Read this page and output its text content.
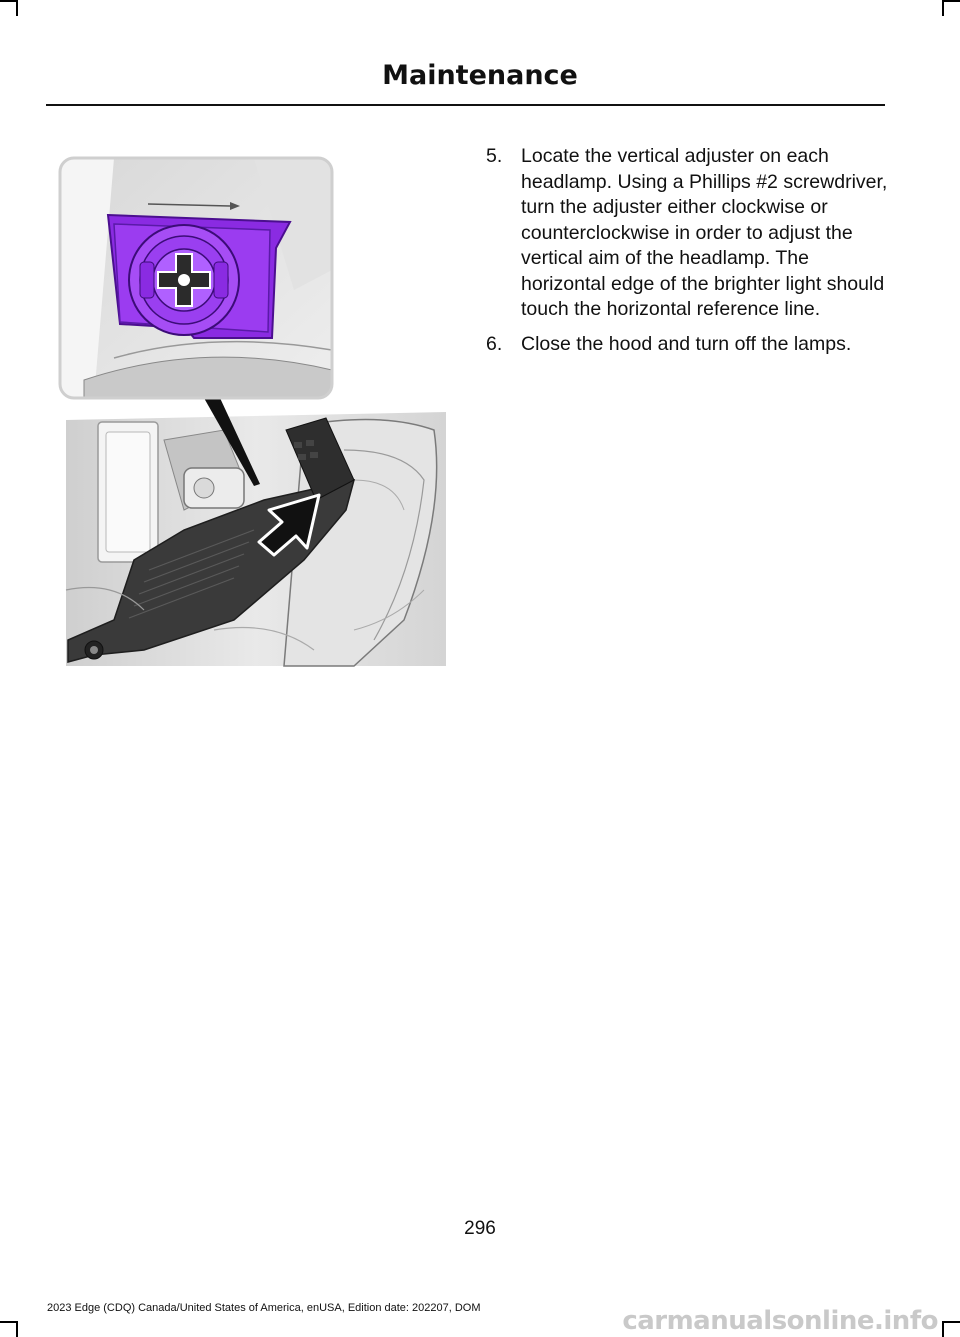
Maintenance
5. Locate the vertical adjuster on each headlamp. Using a Phillips #2 screwdriver, turn the adjuster either clockwise or counterclockwise in order to adjust the vertical aim of the headlamp. The horizontal edge of the brighter light should touch the horizontal reference line.
6. Close the hood and turn off the lamps.
296
2023 Edge (CDQ) Canada/United States of America, enUSA, Edition date: 202207, DOM	carmanualsonline.info
